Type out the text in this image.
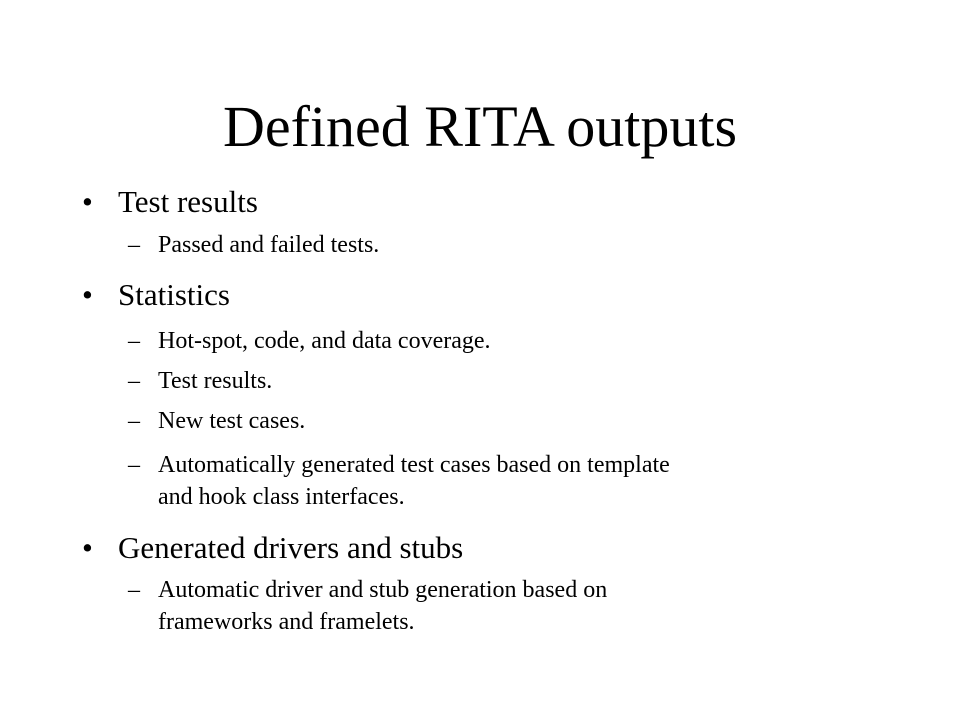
Defined RITA outputs
• Test results
– Passed and failed tests.
• Statistics
– Hot-spot, code, and data coverage.
– Test results.
– New test cases.
– Automatically generated test cases based on template
and hook class interfaces.
• Generated drivers and stubs
– Automatic driver and stub generation based on
frameworks and framelets.
